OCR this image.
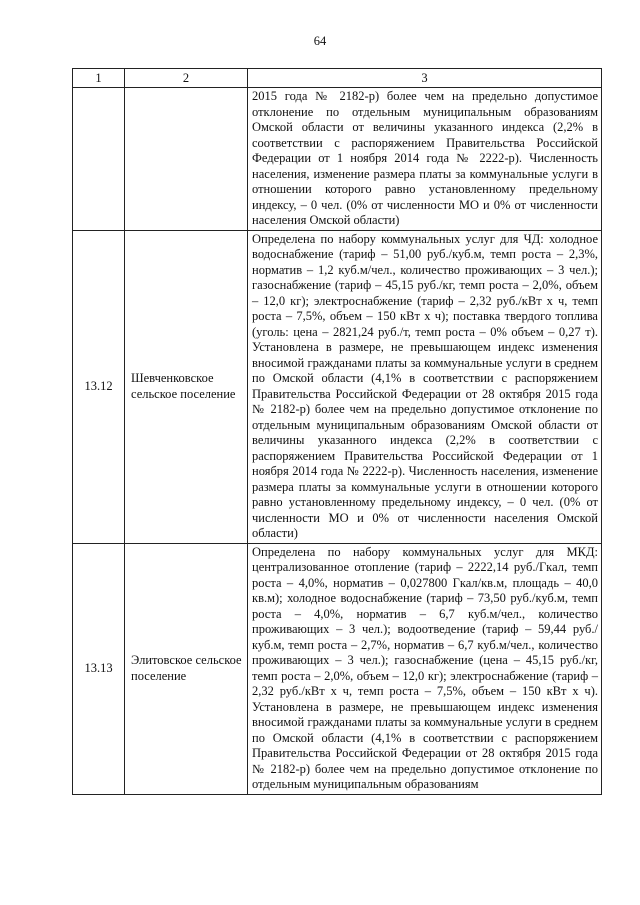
64
1	2	3

		2015 года № 2182-р) более чем на предельно допустимое отклонение по отдельным муниципальным образованиям Омской области от величины указанного индекса (2,2% в соответствии с распоряжением Правительства Российской Федерации от 1 ноября 2014 года № 2222-р). Численность населения, изменение размера платы за коммунальные услуги в отношении которого равно установленному предельному индексу, – 0 чел. (0% от численности МО и 0% от численности населения Омской области)

13.12	Шевченковское сельское поселение	Определена по набору коммунальных услуг для ЧД: холодное водоснабжение (тариф – 51,00 руб./куб.м, темп роста – 2,3%, норматив – 1,2 куб.м/чел., количество проживающих – 3 чел.); газоснабжение (тариф – 45,15 руб./кг, темп роста – 2,0%, объем – 12,0 кг); электроснабжение (тариф – 2,32 руб./кВт х ч, темп роста – 7,5%, объем – 150 кВт х ч); поставка твердого топлива (уголь: цена – 2821,24 руб./т, темп роста – 0% объем – 0,27 т). Установлена в размере, не превышающем индекс изменения вносимой гражданами платы за коммунальные услуги в среднем по Омской области (4,1% в соответствии с распоряжением Правительства Российской Федерации от 28 октября 2015 года № 2182-р) более чем на предельно допустимое отклонение по отдельным муниципальным образованиям Омской области от величины указанного индекса (2,2% в соответствии с распоряжением Правительства Российской Федерации от 1 ноября 2014 года № 2222-р). Численность населения, изменение размера платы за коммунальные услуги в отношении которого равно установленному предельному индексу, – 0 чел. (0% от численности МО и 0% от численности населения Омской области)

13.13	Элитовское сельское поселение	Определена по набору коммунальных услуг для МКД: централизованное отопление (тариф – 2222,14 руб./Гкал, темп роста – 4,0%, норматив – 0,027800 Гкал/кв.м, площадь – 40,0 кв.м); холодное водоснабжение (тариф – 73,50 руб./куб.м, темп роста – 4,0%, норматив – 6,7 куб.м/чел., количество проживающих – 3 чел.); водоотведение (тариф – 59,44 руб./куб.м, темп роста – 2,7%, норматив – 6,7 куб.м/чел., количество проживающих – 3 чел.); газоснабжение (цена – 45,15 руб./кг, темп роста – 2,0%, объем – 12,0 кг); электроснабжение (тариф – 2,32 руб./кВт х ч, темп роста – 7,5%, объем – 150 кВт х ч). Установлена в размере, не превышающем индекс изменения вносимой гражданами платы за коммунальные услуги в среднем по Омской области (4,1% в соответствии с распоряжением Правительства Российской Федерации от 28 октября 2015 года № 2182-р) более чем на предельно допустимое отклонение по отдельным муниципальным образованиям
